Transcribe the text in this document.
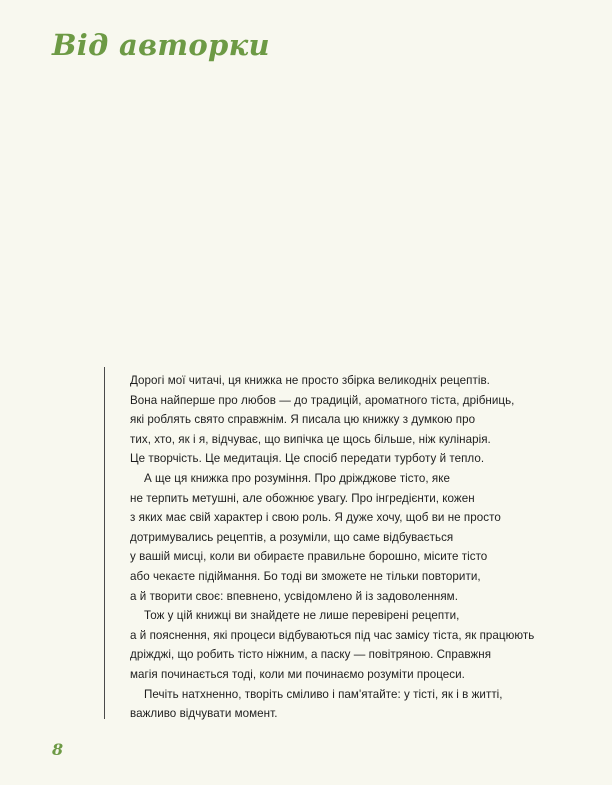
Від авторки
Дорогі мої читачі, ця книжка не просто збірка великодніх рецептів.
Вона найперше про любов — до традицій, ароматного тіста, дрібниць,
які роблять свято справжнім. Я писала цю книжку з думкою про
тих, хто, як і я, відчуває, що випічка це щось більше, ніж кулінарія.
Це творчість. Це медитація. Це спосіб передати турботу й тепло.
А ще ця книжка про розуміння. Про дріжджове тісто, яке
не терпить метушні, але обожнює увагу. Про інгредієнти, кожен
з яких має свій характер і свою роль. Я дуже хочу, щоб ви не просто
дотримувались рецептів, а розуміли, що саме відбувається
у вашій мисці, коли ви обираєте правильне борошно, місите тісто
або чекаєте підіймання. Бо тоді ви зможете не тільки повторити,
а й творити своє: впевнено, усвідомлено й із задоволенням.
Тож у цій книжці ви знайдете не лише перевірені рецепти,
а й пояснення, які процеси відбуваються під час замісу тіста, як працюють
дріжджі, що робить тісто ніжним, а паску — повітряною. Справжня
магія починається тоді, коли ми починаємо розуміти процеси.
Печіть натхненно, творіть сміливо і пам'ятайте: у тісті, як і в житті,
важливо відчувати момент.
8
